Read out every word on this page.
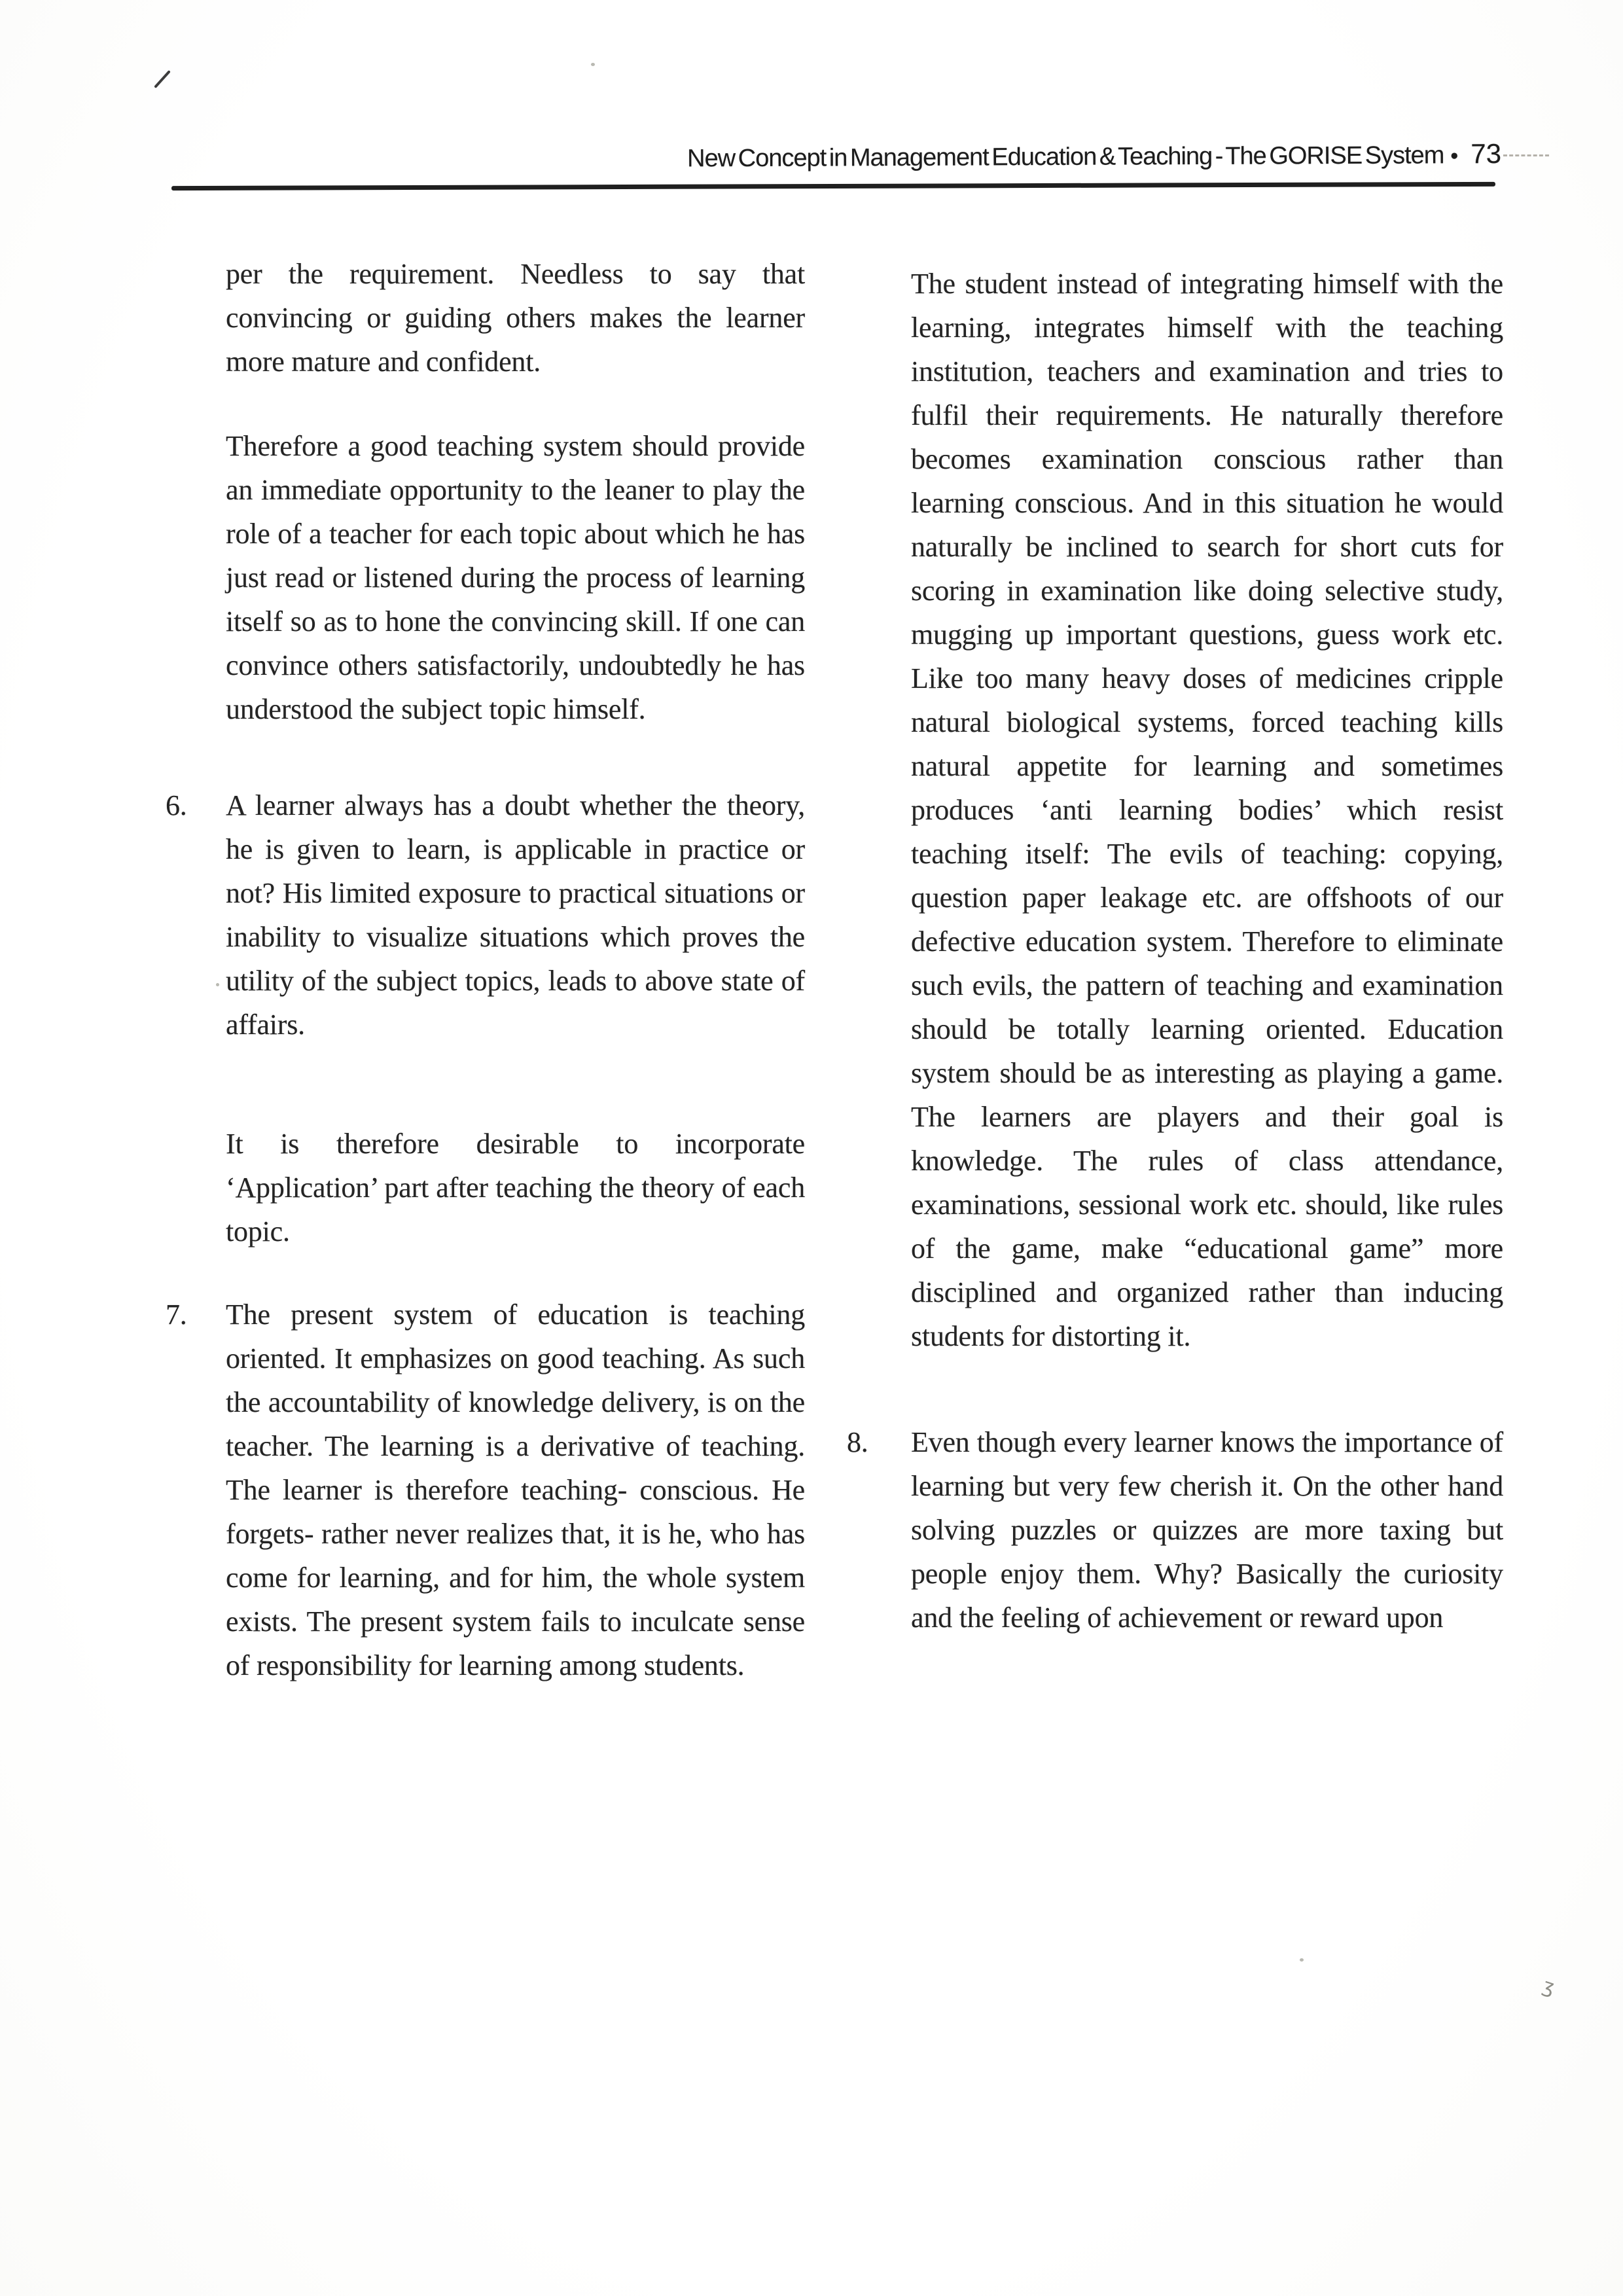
New Concept in Management Education & Teaching - The GORISE System • 73

per the requirement. Needless to say that convincing or guiding others makes the learner more mature and confident.

Therefore a good teaching system should provide an immediate opportunity to the leaner to play the role of a teacher for each topic about which he has just read or listened during the process of learning itself so as to hone the convincing skill. If one can convince others satisfactorily, undoubtedly he has understood the subject topic himself.

6.	A learner always has a doubt whether the theory, he is given to learn, is applicable in practice or not? His limited exposure to practical situations or inability to visualize situations which proves the utility of the subject topics, leads to above state of affairs.

It is therefore desirable to incorporate ‘Application’ part after teaching the theory of each topic.

7.	The present system of education is teaching oriented. It emphasizes on good teaching. As such the accountability of knowledge delivery, is on the teacher. The learning is a derivative of teaching. The learner is therefore teaching- conscious. He forgets- rather never realizes that, it is he, who has come for learning, and for him, the whole system exists. The present system fails to inculcate sense of responsibility for learning among students.

The student instead of integrating himself with the learning, integrates himself with the teaching institution, teachers and examination and tries to fulfil their requirements. He naturally therefore becomes examination conscious rather than learning conscious. And in this situation he would naturally be inclined to search for short cuts for scoring in examination like doing selective study, mugging up important questions, guess work etc. Like too many heavy doses of medicines cripple natural biological systems, forced teaching kills natural appetite for learning and sometimes produces ‘anti learning bodies’ which resist teaching itself: The evils of teaching: copying, question paper leakage etc. are offshoots of our defective education system. Therefore to eliminate such evils, the pattern of teaching and examination should be totally learning oriented. Education system should be as interesting as playing a game. The learners are players and their goal is knowledge. The rules of class attendance, examinations, sessional work etc. should, like rules of the game, make “educational game” more disciplined and organized rather than inducing students for distorting it.

8.	Even though every learner knows the importance of learning but very few cherish it. On the other hand solving puzzles or quizzes are more taxing but people enjoy them. Why? Basically the curiosity and the feeling of achievement or reward upon

ʒ
